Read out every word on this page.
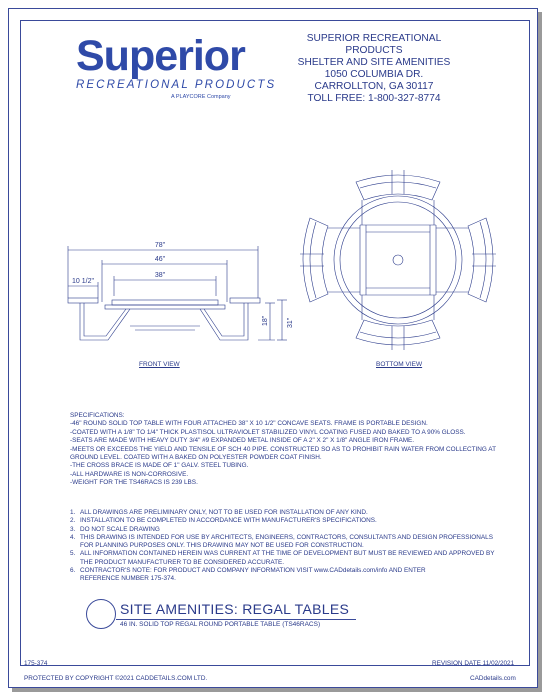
Superior
RECREATIONAL PRODUCTS
A PLAYCORE Company
SUPERIOR RECREATIONAL PRODUCTS
SHELTER AND SITE AMENITIES
1050 COLUMBIA DR.
CARROLLTON, GA 30117
TOLL FREE: 1-800-327-8774
78"
46"
38"
10 1/2"
18"	31"
FRONT VIEW	BOTTOM VIEW
SPECIFICATIONS:
-46" ROUND SOLID TOP TABLE WITH FOUR ATTACHED 38" X 10 1/2" CONCAVE SEATS. FRAME IS PORTABLE DESIGN.
-COATED WITH A 1/8" TO 1/4" THICK PLASTISOL ULTRAVIOLET STABILIZED VINYL COATING FUSED AND BAKED TO A 90% GLOSS.
-SEATS ARE MADE WITH HEAVY DUTY 3/4" #9 EXPANDED METAL INSIDE OF A 2" X 2" X 1/8" ANGLE IRON FRAME.
-MEETS OR EXCEEDS THE YIELD AND TENSILE OF SCH 40 PIPE. CONSTRUCTED SO AS TO PROHIBIT RAIN WATER FROM COLLECTING AT
GROUND LEVEL. COATED WITH A BAKED ON POLYESTER POWDER COAT FINISH.
-THE CROSS BRACE IS MADE OF 1" GALV. STEEL TUBING.
-ALL HARDWARE IS NON-CORROSIVE.
-WEIGHT FOR THE TS46RACS IS 239 LBS.
1. ALL DRAWINGS ARE PRELIMINARY ONLY, NOT TO BE USED FOR INSTALLATION OF ANY KIND.
2. INSTALLATION TO BE COMPLETED IN ACCORDANCE WITH MANUFACTURER'S SPECIFICATIONS.
3. DO NOT SCALE DRAWING
4. THIS DRAWING IS INTENDED FOR USE BY ARCHITECTS, ENGINEERS, CONTRACTORS, CONSULTANTS AND DESIGN PROFESSIONALS
FOR PLANNING PURPOSES ONLY. THIS DRAWING MAY NOT BE USED FOR CONSTRUCTION.
5. ALL INFORMATION CONTAINED HEREIN WAS CURRENT AT THE TIME OF DEVELOPMENT BUT MUST BE REVIEWED AND APPROVED BY
THE PRODUCT MANUFACTURER TO BE CONSIDERED ACCURATE.
6. CONTRACTOR'S NOTE: FOR PRODUCT AND COMPANY INFORMATION VISIT www.CADdetails.com/info AND ENTER
REFERENCE NUMBER 175-374.
SITE AMENITIES: REGAL TABLES
46 IN. SOLID TOP REGAL ROUND PORTABLE TABLE (TS46RACS)
175-374	REVISION DATE 11/02/2021
PROTECTED BY COPYRIGHT ©2021 CADDETAILS.COM LTD.	CADdetails.com
